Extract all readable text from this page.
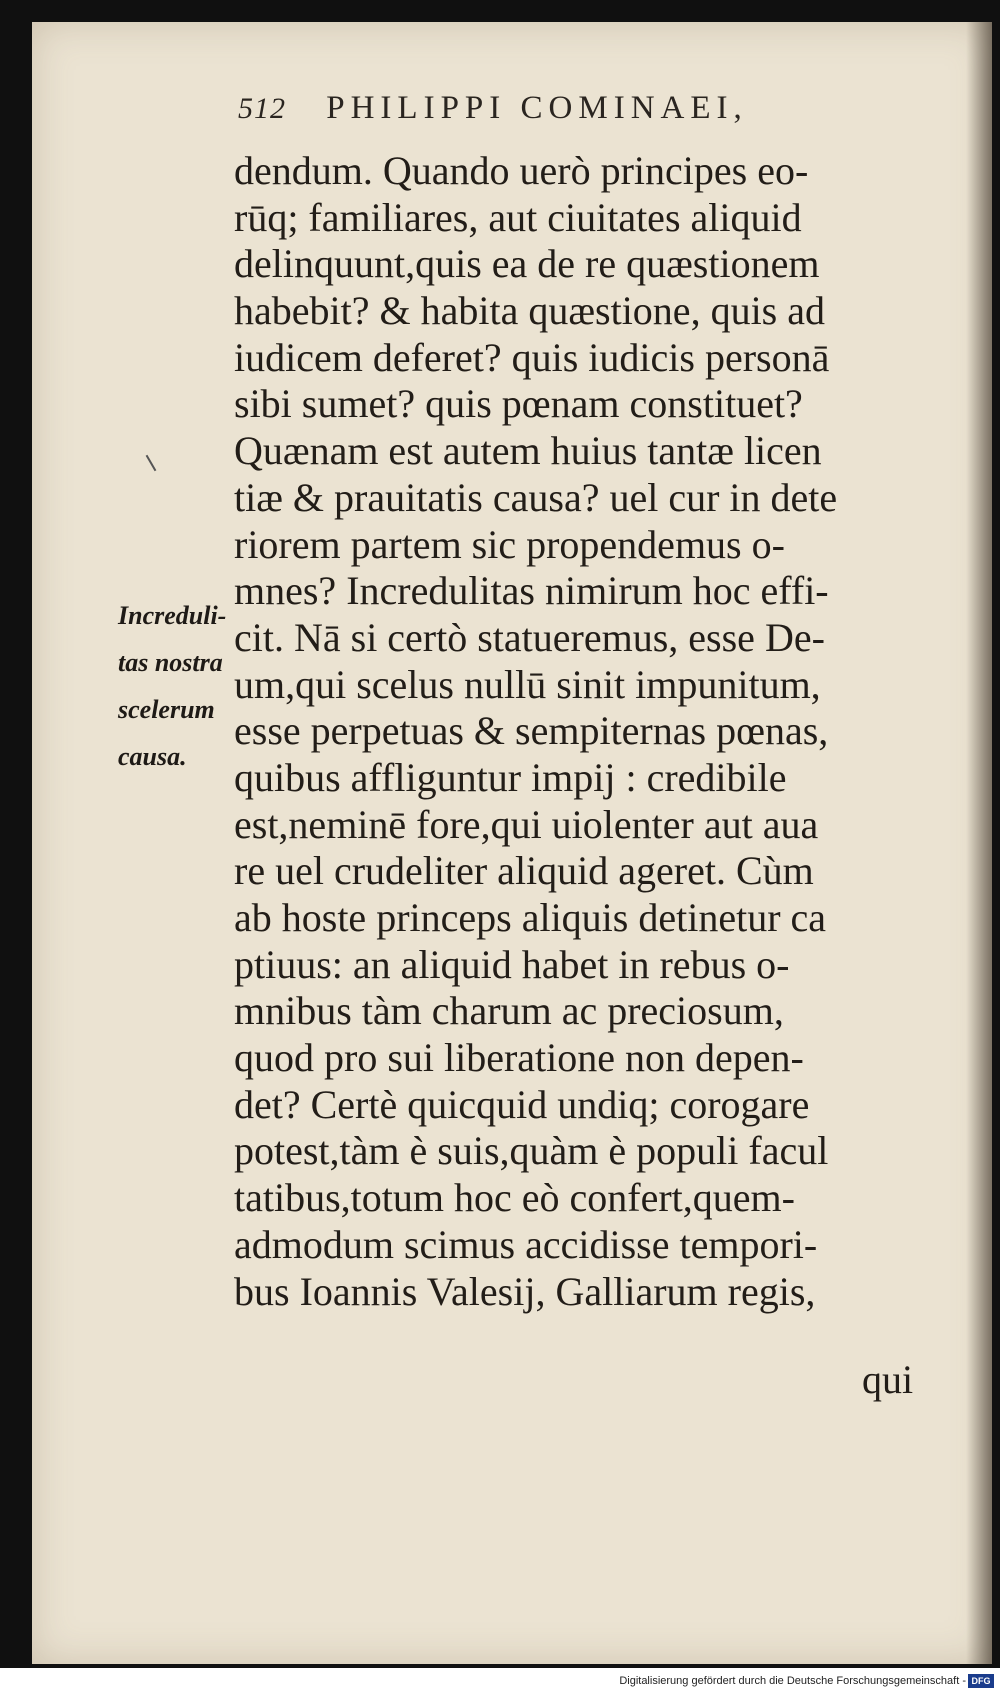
512 PHILIPPI COMINAEI,
dendum. Quando uerò principes eo-
rūq; familiares, aut ciuitates aliquid
delinquunt,quis ea de re quæstionem
habebit? & habita quæstione, quis ad
iudicem deferet? quis iudicis personā
sibi sumet? quis pœnam constituet?
Quænam est autem huius tantæ licen
tiæ & prauitatis causa? uel cur in dete
riorem partem sic propendemus o-
mnes? Incredulitas nimirum hoc effi-
cit. Nā si certò statueremus, esse De-
um,qui scelus nullū sinit impunitum,
esse perpetuas & sempiternas pœnas,
quibus affliguntur impij : credibile
est,neminē fore,qui uiolenter aut aua
re uel crudeliter aliquid ageret. Cùm
ab hoste princeps aliquis detinetur ca
ptiuus: an aliquid habet in rebus o-
mnibus tàm charum ac preciosum,
quod pro sui liberatione non depen-
det? Certè quicquid undiq; corogare
potest,tàm è suis,quàm è populi facul
tatibus,totum hoc eò confert,quem-
admodum scimus accidisse tempori-
bus Ioannis Valesij, Galliarum regis,
qui
Increduli-
tas nostra
scelerum
causa.
Digitalisierung gefördert durch die Deutsche Forschungsgemeinschaft - DFG
